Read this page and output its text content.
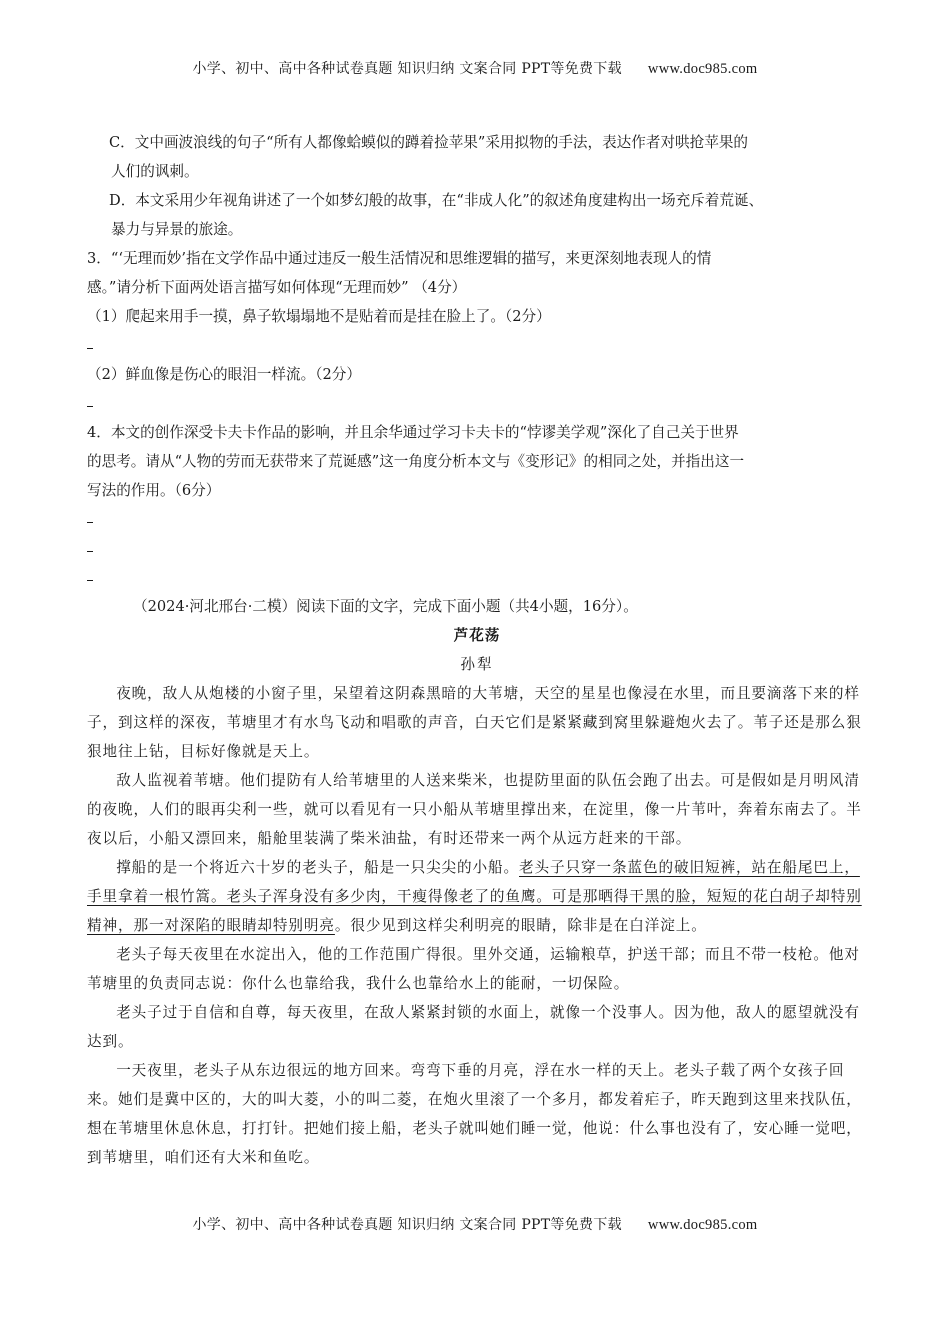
小学、初中、高中各种试卷真题 知识归纳 文案合同 PPT等免费下载 www.doc985.com

C．文中画波浪线的句子“所有人都像蛤蟆似的蹲着捡苹果”采用拟物的手法，表达作者对哄抢苹果的

人们的讽刺。

D．本文采用少年视角讲述了一个如梦幻般的故事，在“非成人化”的叙述角度建构出一场充斥着荒诞、

暴力与异景的旅途。

3．“‘无理而妙’指在文学作品中通过违反一般生活情况和思维逻辑的描写，来更深刻地表现人的情

感。”请分析下面两处语言描写如何体现“无理而妙” （4分）

（1）爬起来用手一摸，鼻子软塌塌地不是贴着而是挂在脸上了。（2分）

（2）鲜血像是伤心的眼泪一样流。（2分）

4．本文的创作深受卡夫卡作品的影响，并且余华通过学习卡夫卡的“悖谬美学观”深化了自己关于世界

的思考。请从“人物的劳而无获带来了荒诞感”这一角度分析本文与《变形记》的相同之处，并指出这一

写法的作用。（6分）

（2024·河北邢台·二模）阅读下面的文字，完成下面小题（共4小题，16分）。

芦花荡

孙犁

夜晚，敌人从炮楼的小窗子里，呆望着这阴森黑暗的大苇塘，天空的星星也像浸在水里，而且要滴落下来的样子，到这样的深夜，苇塘里才有水鸟飞动和唱歌的声音，白天它们是紧紧藏到窝里躲避炮火去了。苇子还是那么狠狠地往上钻，目标好像就是天上。

敌人监视着苇塘。他们提防有人给苇塘里的人送来柴米，也提防里面的队伍会跑了出去。可是假如是月明风清的夜晚，人们的眼再尖利一些，就可以看见有一只小船从苇塘里撑出来，在淀里，像一片苇叶，奔着东南去了。半夜以后，小船又漂回来，船舱里装满了柴米油盐，有时还带来一两个从远方赶来的干部。

撑船的是一个将近六十岁的老头子，船是一只尖尖的小船。老头子只穿一条蓝色的破旧短裤，站在船尾巴上，手里拿着一根竹篙。老头子浑身没有多少肉，干瘦得像老了的鱼鹰。可是那晒得干黑的脸，短短的花白胡子却特别精神，那一对深陷的眼睛却特别明亮。很少见到这样尖利明亮的眼睛，除非是在白洋淀上。

老头子每天夜里在水淀出入，他的工作范围广得很。里外交通，运输粮草，护送干部；而且不带一枝枪。他对苇塘里的负责同志说：你什么也靠给我，我什么也靠给水上的能耐，一切保险。

老头子过于自信和自尊，每天夜里，在敌人紧紧封锁的水面上，就像一个没事人。因为他，敌人的愿望就没有达到。

一天夜里，老头子从东边很远的地方回来。弯弯下垂的月亮，浮在水一样的天上。老头子载了两个女孩子回来。她们是冀中区的，大的叫大菱，小的叫二菱，在炮火里滚了一个多月，都发着疟子，昨天跑到这里来找队伍，想在苇塘里休息休息，打打针。把她们接上船，老头子就叫她们睡一觉，他说：什么事也没有了，安心睡一觉吧，到苇塘里，咱们还有大米和鱼吃。

小学、初中、高中各种试卷真题 知识归纳 文案合同 PPT等免费下载 www.doc985.com
